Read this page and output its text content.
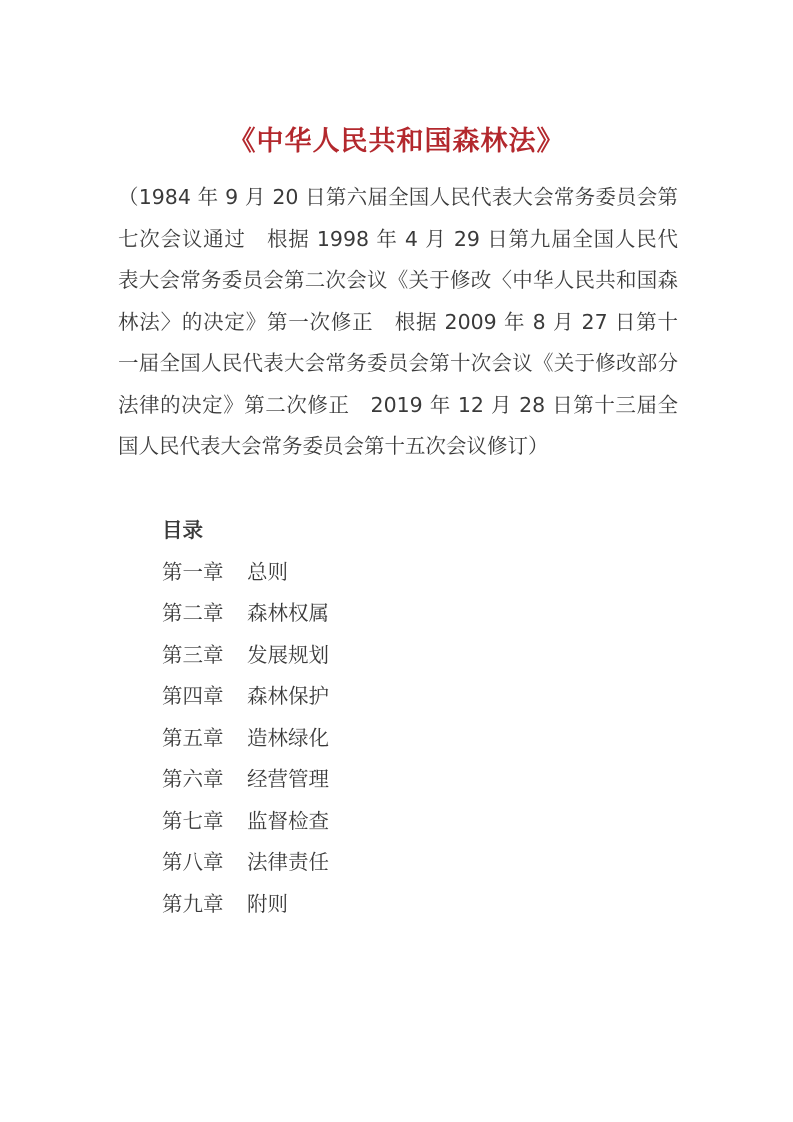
《中华人民共和国森林法》

（1984 年 9 月 20 日第六届全国人民代表大会常务委员会第七次会议通过　根据 1998 年 4 月 29 日第九届全国人民代表大会常务委员会第二次会议《关于修改〈中华人民共和国森林法〉的决定》第一次修正　根据 2009 年 8 月 27 日第十一届全国人民代表大会常务委员会第十次会议《关于修改部分法律的决定》第二次修正　2019 年 12 月 28 日第十三届全国人民代表大会常务委员会第十五次会议修订）

目录
第一章 总则
第二章 森林权属
第三章 发展规划
第四章 森林保护
第五章 造林绿化
第六章 经营管理
第七章 监督检查
第八章 法律责任
第九章 附则
